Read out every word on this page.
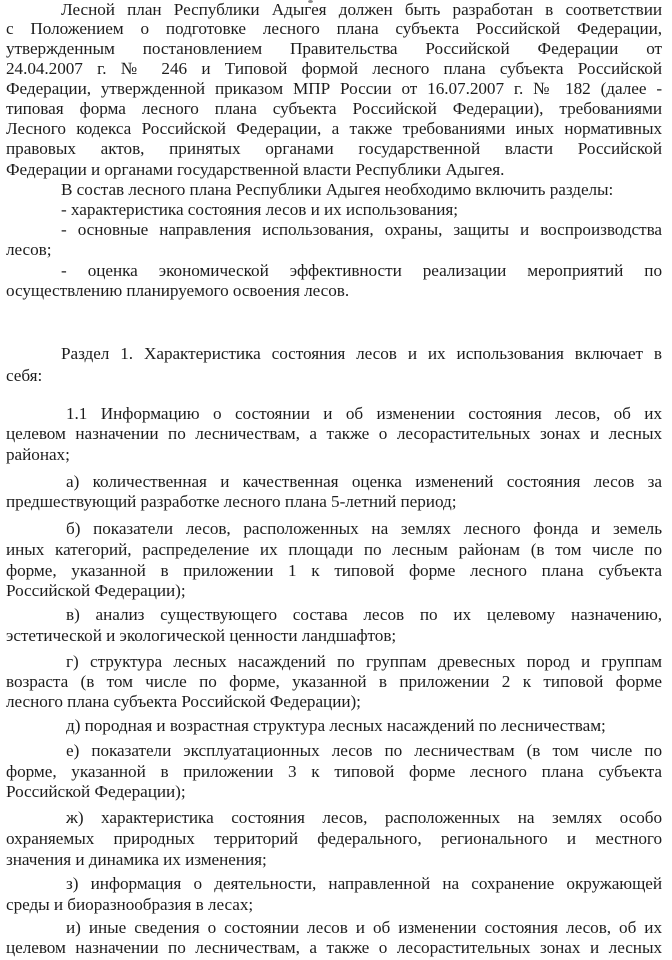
Лесной план Республики Адыгея должен быть разработан в соответствии
с Положением о подготовке лесного плана субъекта Российской Федерации,
утвержденным постановлением Правительства Российской Федерации от
24.04.2007 г. № 246 и Типовой формой лесного плана субъекта Российской
Федерации, утвержденной приказом МПР России от 16.07.2007 г. № 182 (далее -
типовая форма лесного плана субъекта Российской Федерации), требованиями
Лесного кодекса Российской Федерации, а также требованиями иных нормативных
правовых актов, принятых органами государственной власти Российской
Федерации и органами государственной власти Республики Адыгея.
В состав лесного плана Республики Адыгея необходимо включить разделы:
- характеристика состояния лесов и их использования;
- основные направления использования, охраны, защиты и воспроизводства
лесов;
- оценка экономической эффективности реализации мероприятий по
осуществлению планируемого освоения лесов.
Раздел 1. Характеристика состояния лесов и их использования включает в
себя:
1.1 Информацию о состоянии и об изменении состояния лесов, об их
целевом назначении по лесничествам, а также о лесорастительных зонах и лесных
районах;
а) количественная и качественная оценка изменений состояния лесов за
предшествующий разработке лесного плана 5-летний период;
б) показатели лесов, расположенных на землях лесного фонда и земель
иных категорий, распределение их площади по лесным районам (в том числе по
форме, указанной в приложении 1 к типовой форме лесного плана субъекта
Российской Федерации);
в) анализ существующего состава лесов по их целевому назначению,
эстетической и экологической ценности ландшафтов;
г) структура лесных насаждений по группам древесных пород и группам
возраста (в том числе по форме, указанной в приложении 2 к типовой форме
лесного плана субъекта Российской Федерации);
д) породная и возрастная структура лесных насаждений по лесничествам;
е) показатели эксплуатационных лесов по лесничествам (в том числе по
форме, указанной в приложении 3 к типовой форме лесного плана субъекта
Российской Федерации);
ж) характеристика состояния лесов, расположенных на землях особо
охраняемых природных территорий федерального, регионального и местного
значения и динамика их изменения;
з) информация о деятельности, направленной на сохранение окружающей
среды и биоразнообразия в лесах;
и) иные сведения о состоянии лесов и об изменении состояния лесов, об их
целевом назначении по лесничествам, а также о лесорастительных зонах и лесных
